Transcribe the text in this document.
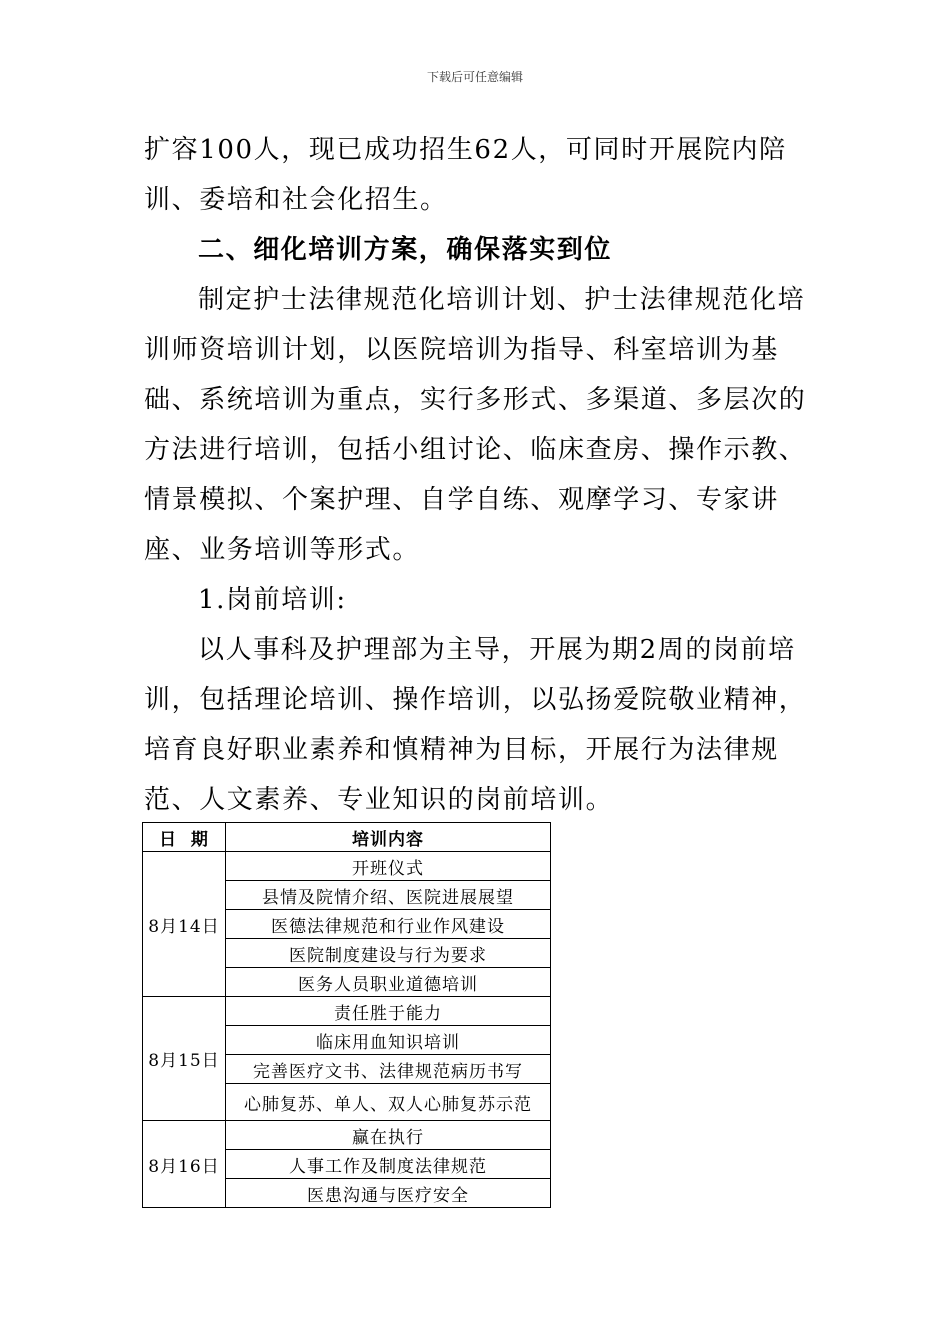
下载后可任意编辑

扩容100人，现已成功招生62人，可同时开展院内陪训、委培和社会化招生。

二、细化培训方案，确保落实到位

制定护士法律规范化培训计划、护士法律规范化培训师资培训计划，以医院培训为指导、科室培训为基础、系统培训为重点，实行多形式、多渠道、多层次的方法进行培训，包括小组讨论、临床查房、操作示教、情景模拟、个案护理、自学自练、观摩学习、专家讲座、业务培训等形式。

1.岗前培训:

以人事科及护理部为主导，开展为期2周的岗前培训，包括理论培训、操作培训，以弘扬爱院敬业精神，培育良好职业素养和慎精神为目标，开展行为法律规范、人文素养、专业知识的岗前培训。

日  期	培训内容
8月14日	开班仪式
	县情及院情介绍、医院进展展望
	医德法律规范和行业作风建设
	医院制度建设与行为要求
	医务人员职业道德培训
8月15日	责任胜于能力
	临床用血知识培训
	完善医疗文书、法律规范病历书写
	心肺复苏、单人、双人心肺复苏示范
8月16日	赢在执行
	人事工作及制度法律规范
	医患沟通与医疗安全
